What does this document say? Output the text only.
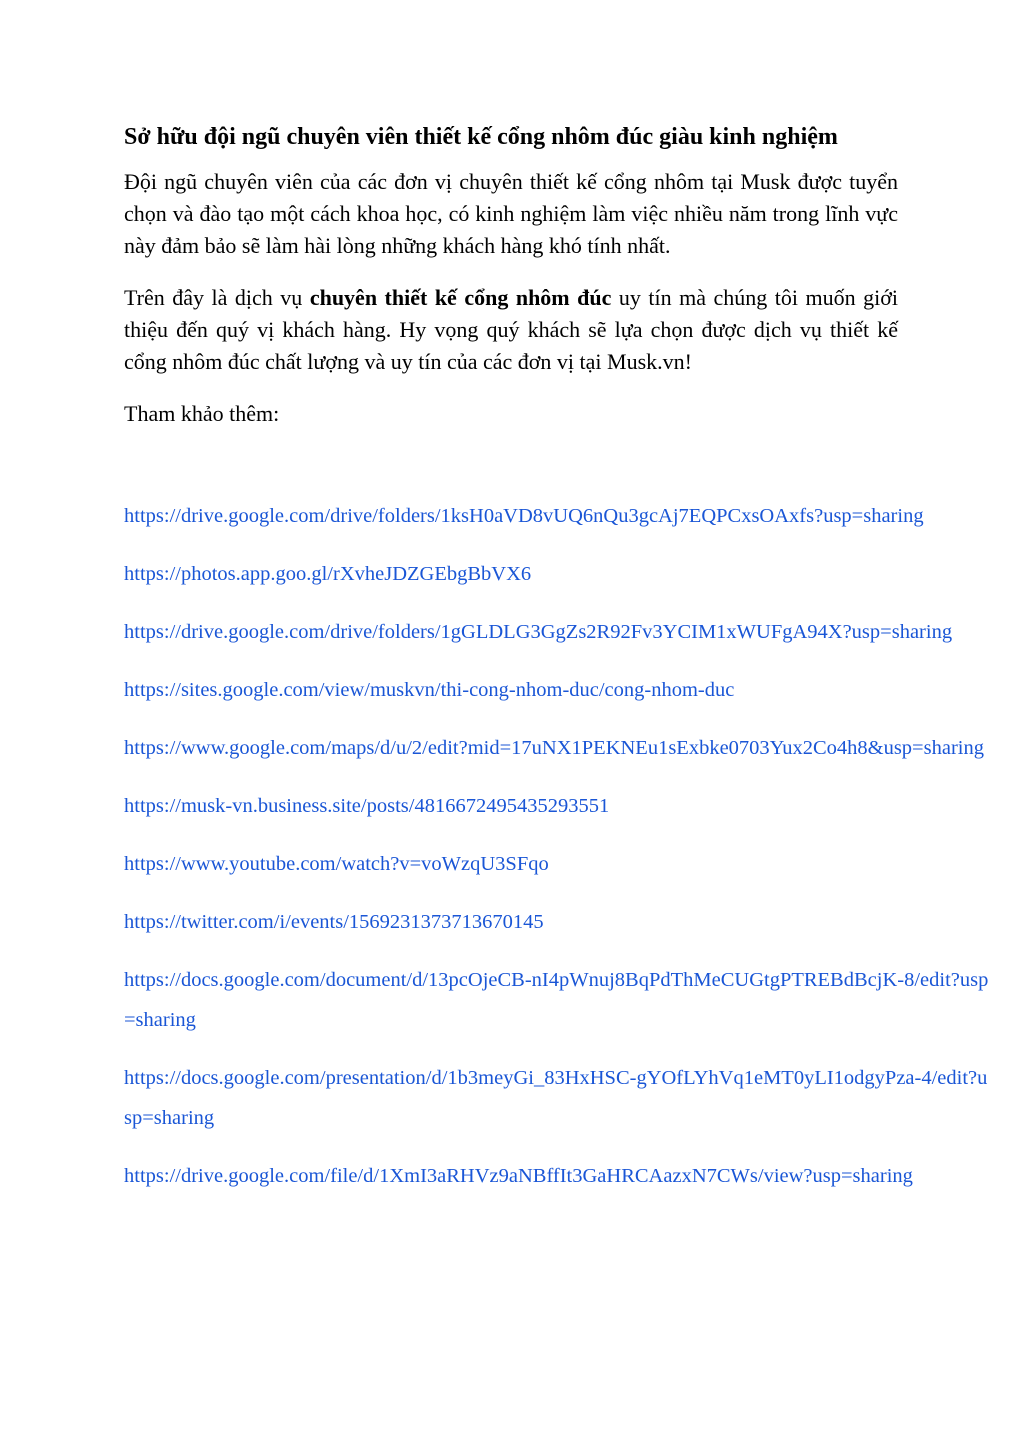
Sở hữu đội ngũ chuyên viên thiết kế cổng nhôm đúc giàu kinh nghiệm

Đội ngũ chuyên viên của các đơn vị chuyên thiết kế cổng nhôm tại Musk được tuyển chọn và đào tạo một cách khoa học, có kinh nghiệm làm việc nhiều năm trong lĩnh vực này đảm bảo sẽ làm hài lòng những khách hàng khó tính nhất.

Trên đây là dịch vụ chuyên thiết kế cổng nhôm đúc uy tín mà chúng tôi muốn giới thiệu đến quý vị khách hàng. Hy vọng quý khách sẽ lựa chọn được dịch vụ thiết kế cổng nhôm đúc chất lượng và uy tín của các đơn vị tại Musk.vn!

Tham khảo thêm:

https://drive.google.com/drive/folders/1ksH0aVD8vUQ6nQu3gcAj7EQPCxsOAxfs?usp=sharing
https://photos.app.goo.gl/rXvheJDZGEbgBbVX6
https://drive.google.com/drive/folders/1gGLDLG3GgZs2R92Fv3YCIM1xWUFgA94X?usp=sharing
https://sites.google.com/view/muskvn/thi-cong-nhom-duc/cong-nhom-duc
https://www.google.com/maps/d/u/2/edit?mid=17uNX1PEKNEu1sExbke0703Yux2Co4h8&usp=sharing
https://musk-vn.business.site/posts/4816672495435293551
https://www.youtube.com/watch?v=voWzqU3SFqo
https://twitter.com/i/events/1569231373713670145
https://docs.google.com/document/d/13pcOjeCB-nI4pWnuj8BqPdThMeCUGtgPTREBdBcjK-8/edit?usp=sharing
https://docs.google.com/presentation/d/1b3meyGi_83HxHSC-gYOfLYhVq1eMT0yLI1odgyPza-4/edit?usp=sharing
https://drive.google.com/file/d/1XmI3aRHVz9aNBffIt3GaHRCAazxN7CWs/view?usp=sharing
